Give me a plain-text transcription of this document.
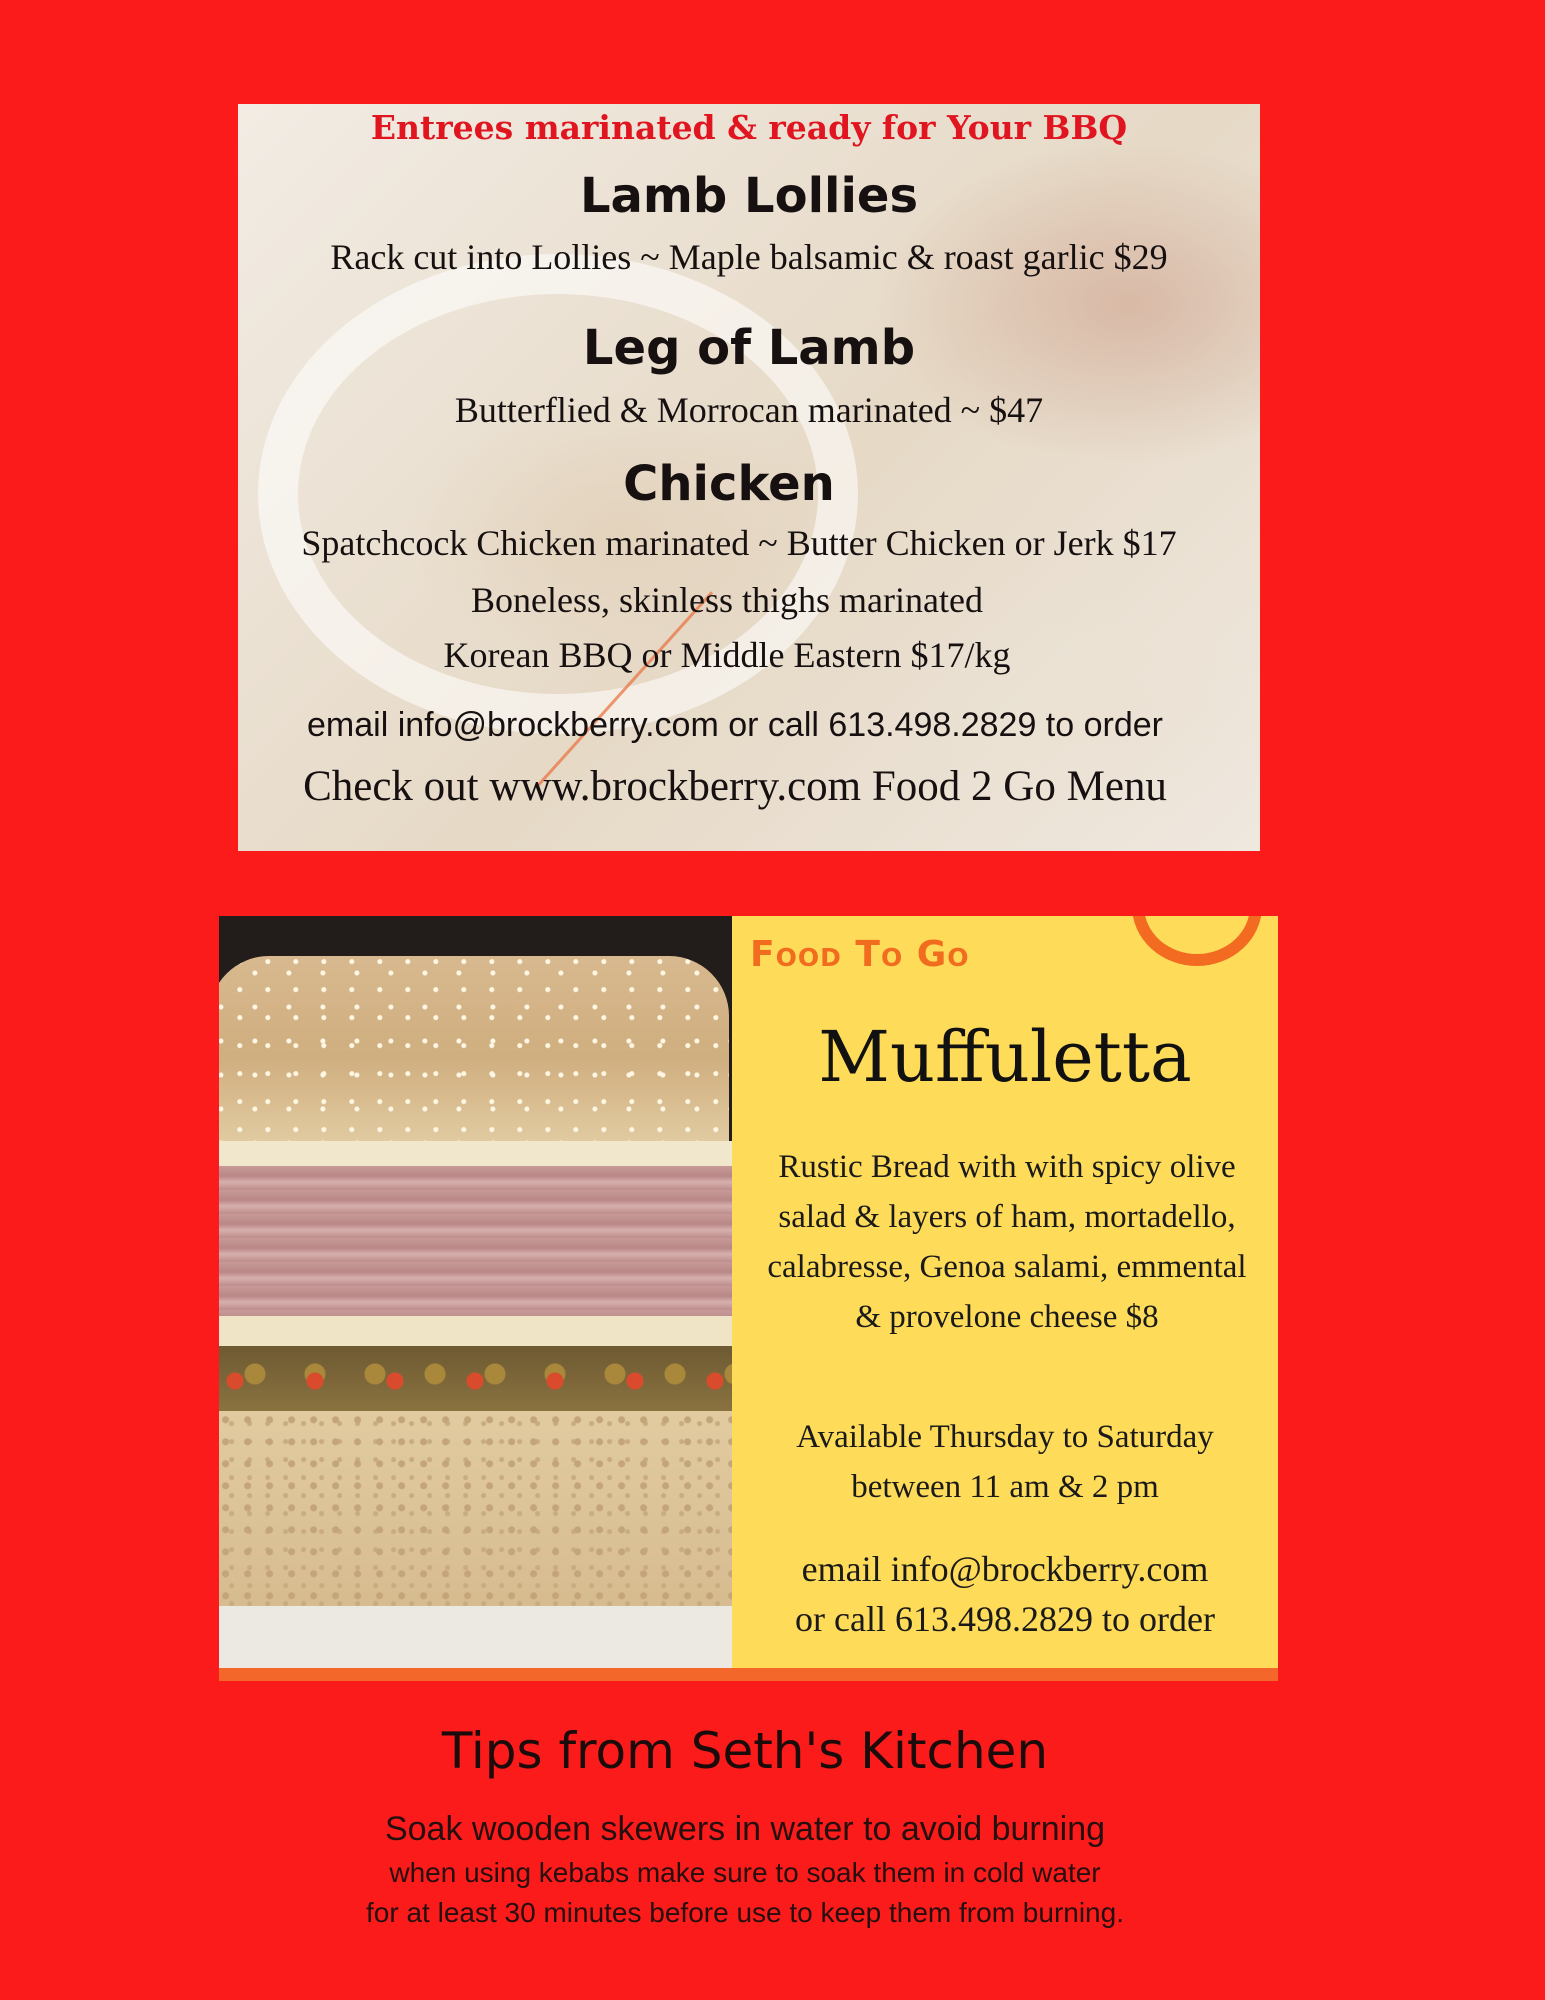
Entrees marinated & ready for Your BBQ
Lamb Lollies
Rack cut into Lollies ~ Maple balsamic & roast garlic $29
Leg of Lamb
Butterflied & Morrocan marinated ~ $47
Chicken
Spatchcock Chicken marinated ~ Butter Chicken or Jerk $17
Boneless, skinless thighs marinated
Korean BBQ or Middle Eastern $17/kg
email info@brockberry.com or call 613.498.2829 to order
Check out www.brockberry.com Food 2 Go Menu
Food To Go
Muffuletta
Rustic Bread with with spicy olive salad & layers of ham, mortadello, calabresse, Genoa salami, emmental & provelone cheese $8
Available Thursday to Saturday
between 11 am & 2 pm
email info@brockberry.com
or call 613.498.2829 to order
Tips from Seth's Kitchen
Soak wooden skewers in water to avoid burning
when using kebabs make sure to soak them in cold water
for at least 30 minutes before use to keep them from burning.
